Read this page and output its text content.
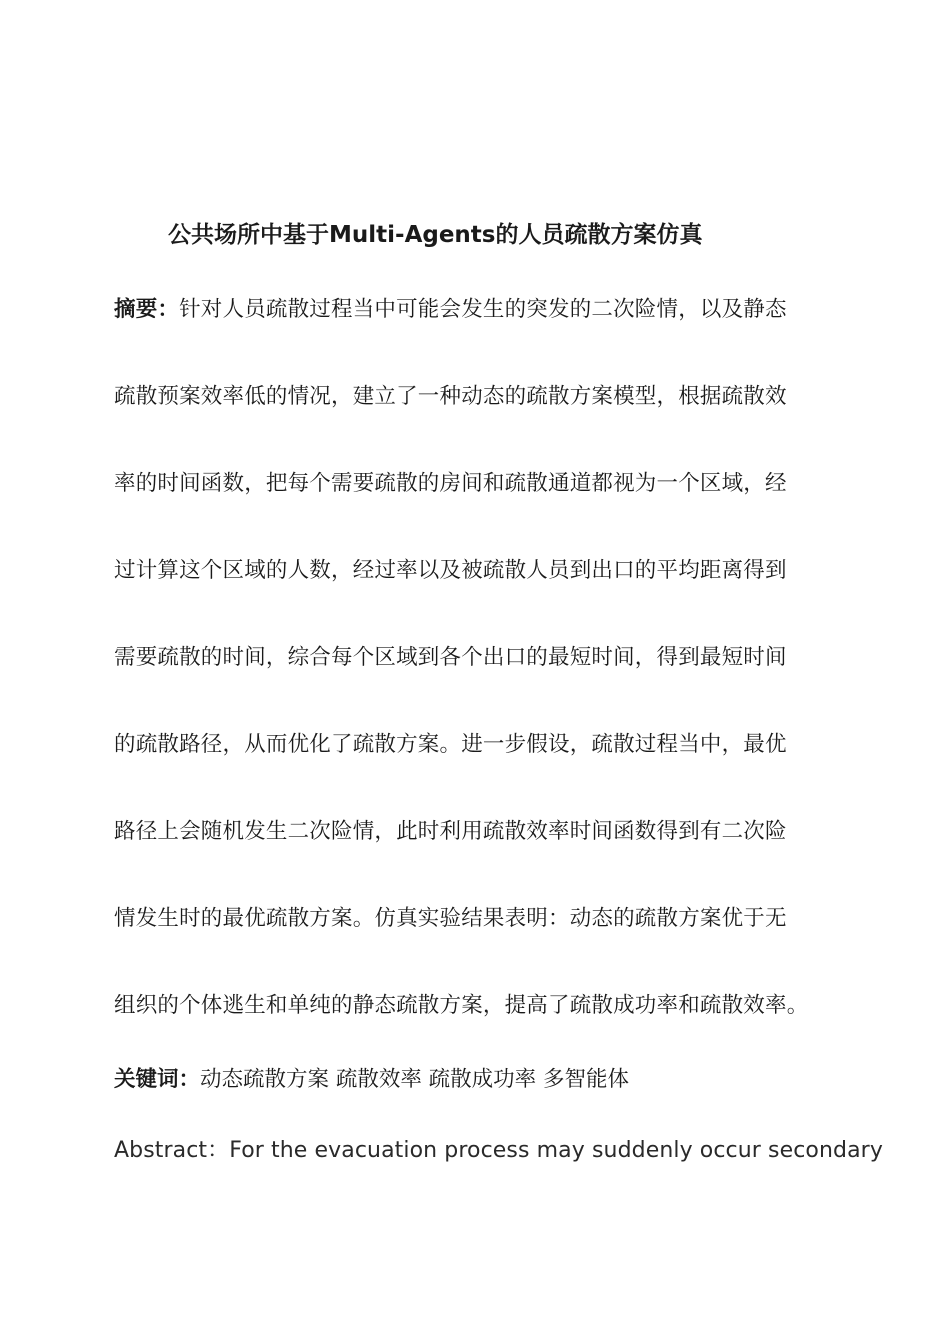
公共场所中基于Multi-Agents的人员疏散方案仿真
摘要：针对人员疏散过程当中可能会发生的突发的二次险情，以及静态
疏散预案效率低的情况，建立了一种动态的疏散方案模型，根据疏散效
率的时间函数，把每个需要疏散的房间和疏散通道都视为一个区域，经
过计算这个区域的人数，经过率以及被疏散人员到出口的平均距离得到
需要疏散的时间，综合每个区域到各个出口的最短时间，得到最短时间
的疏散路径，从而优化了疏散方案。进一步假设，疏散过程当中，最优
路径上会随机发生二次险情，此时利用疏散效率时间函数得到有二次险
情发生时的最优疏散方案。仿真实验结果表明：动态的疏散方案优于无
组织的个体逃生和单纯的静态疏散方案，提高了疏散成功率和疏散效率。
关键词：动态疏散方案 疏散效率 疏散成功率 多智能体
Abstract：For the evacuation process may suddenly occur secondary
